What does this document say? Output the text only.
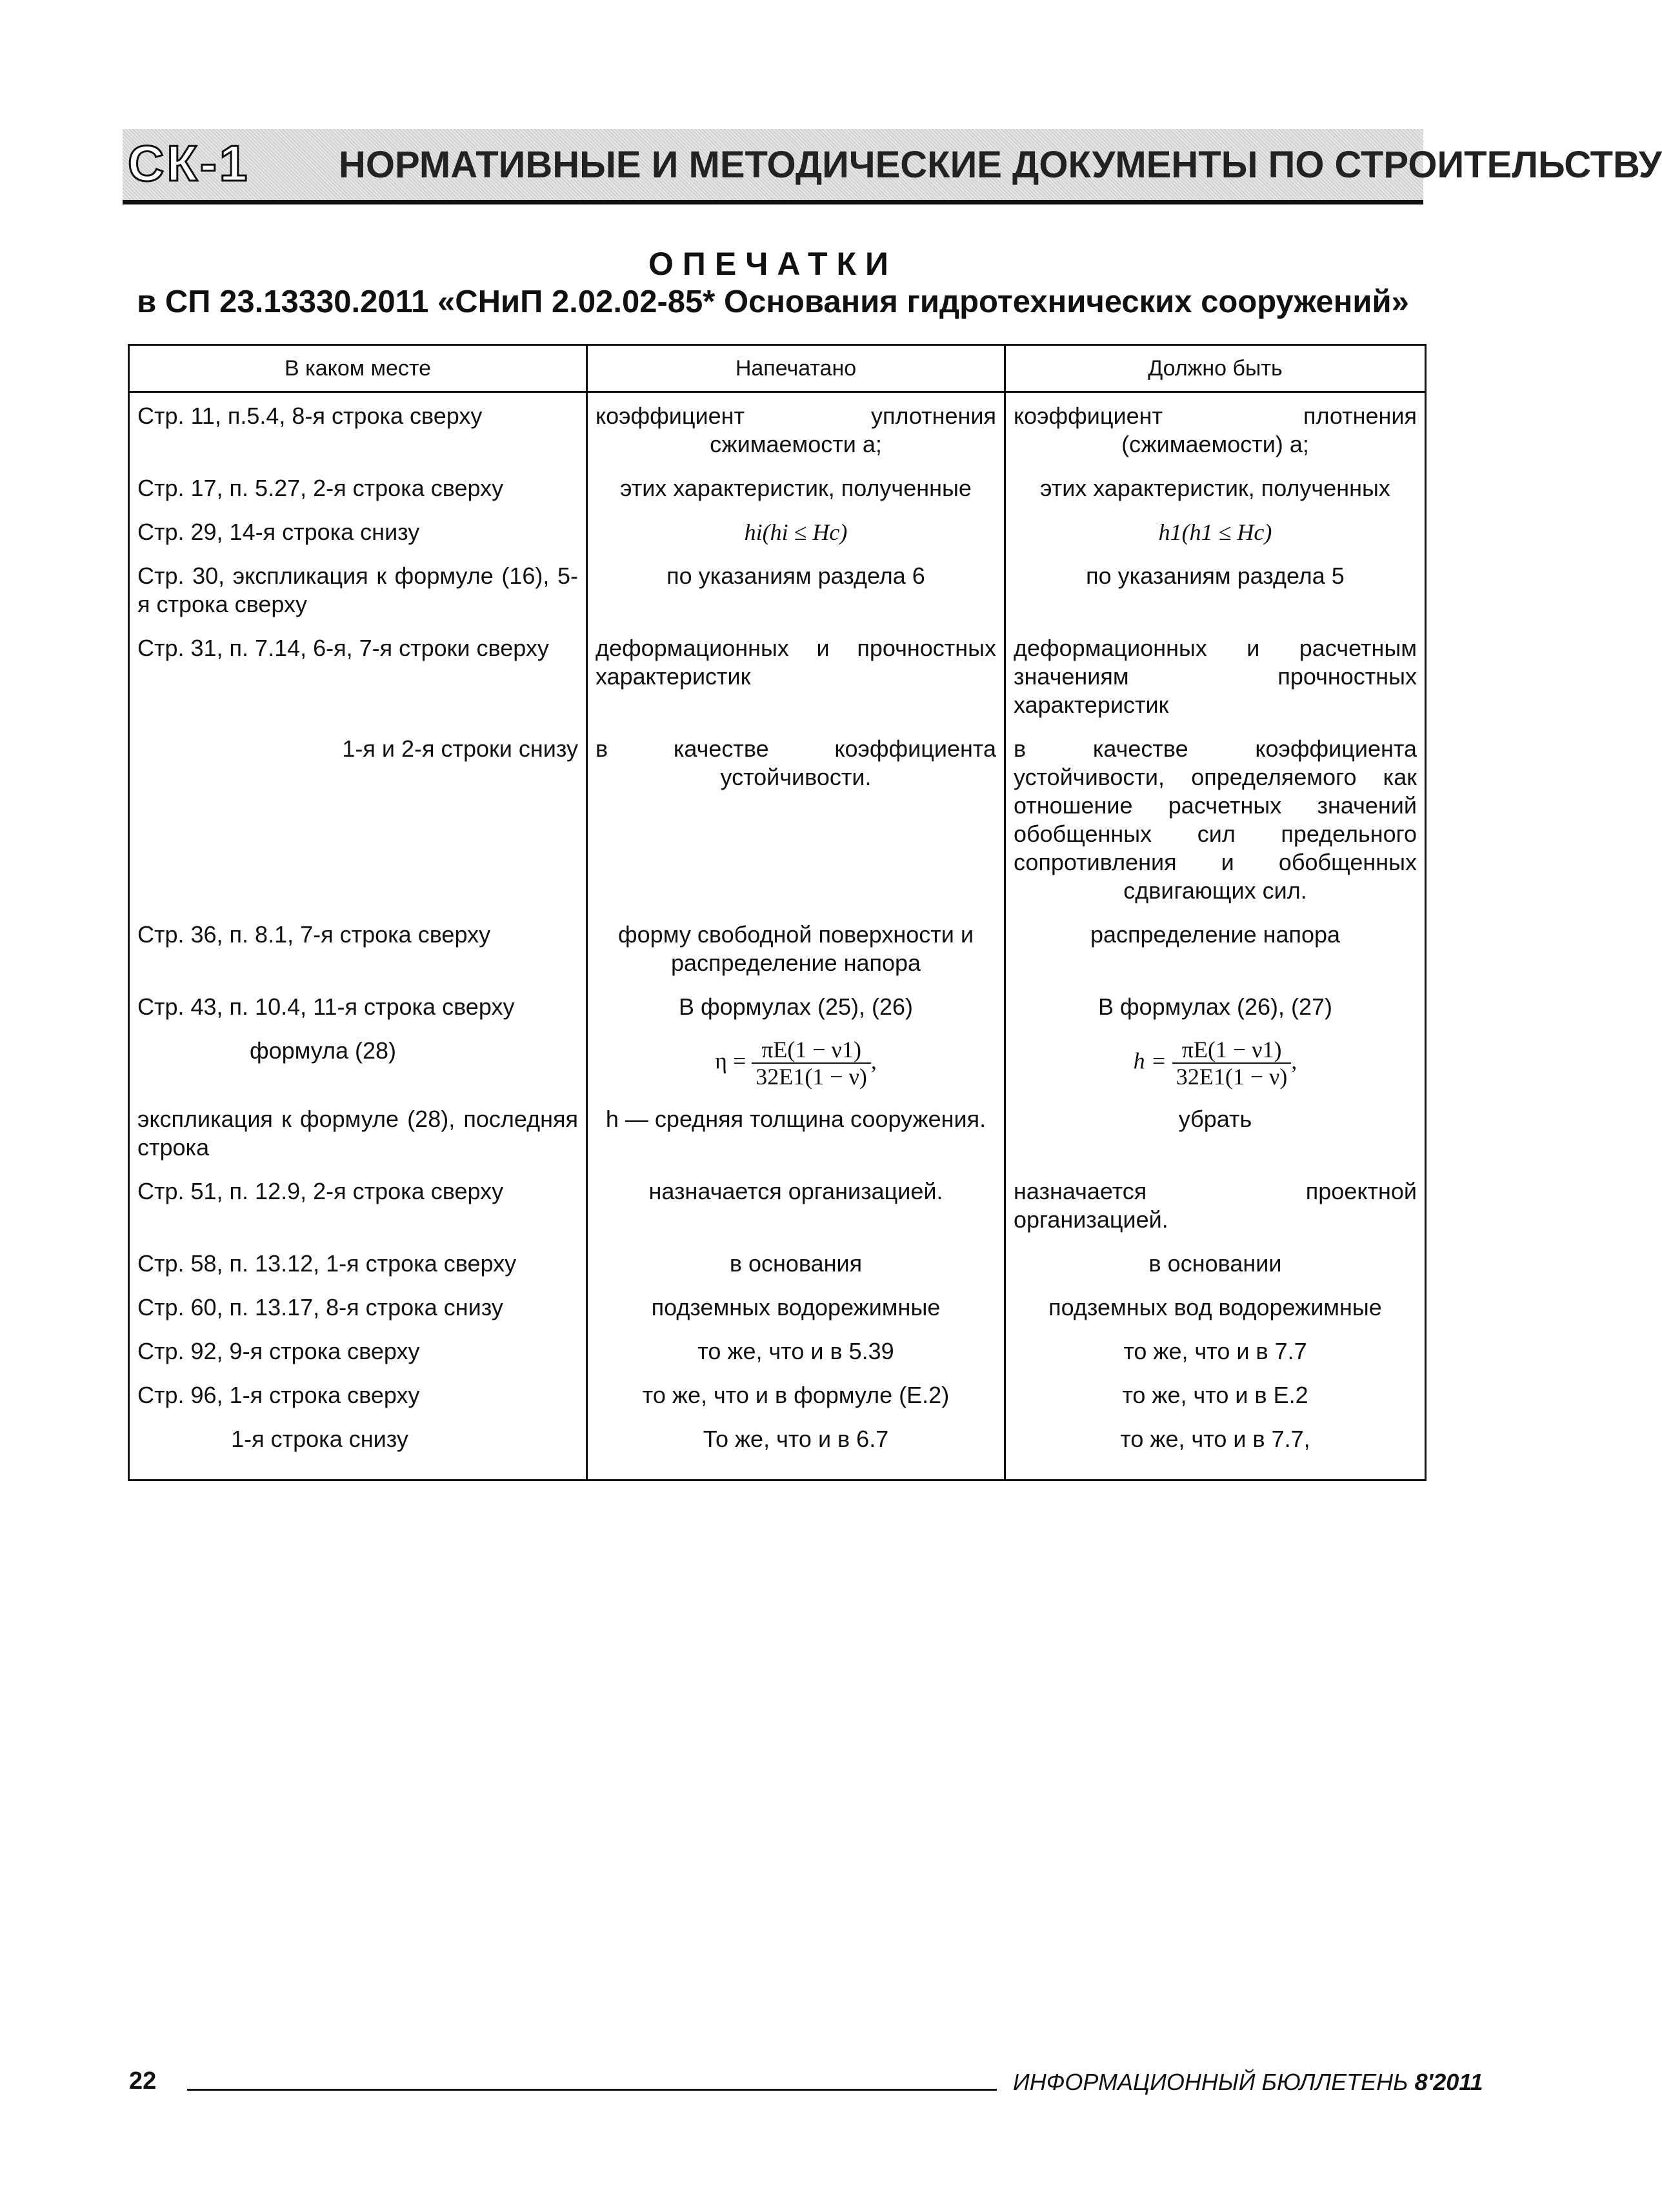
СК-1	НОРМАТИВНЫЕ И МЕТОДИЧЕСКИЕ ДОКУМЕНТЫ ПО СТРОИТЕЛЬСТВУ
ОПЕЧАТКИ
в СП 23.13330.2011 «СНиП 2.02.02-85* Основания гидротехнических сооружений»
В каком месте	Напечатано	Должно быть
Стр. 11, п.5.4, 8-я строка сверху	коэффициент уплотнения сжимаемости a;	коэффициент плотнения (сжимаемости) a;
Стр. 17, п. 5.27, 2-я строка сверху	этих характеристик, полученные	этих характеристик, полученных
Стр. 29, 14-я строка снизу	hi(hi ≤ Hc)	h1(h1 ≤ Hc)
Стр. 30, экспликация к формуле (16), 5-я строка сверху	по указаниям раздела 6	по указаниям раздела 5
Стр. 31, п. 7.14, 6-я, 7-я строки сверху	деформационных и прочностных характеристик	деформационных и расчетным значениям прочностных характеристик
1-я и 2-я строки снизу	в качестве коэффициента устойчивости.	в качестве коэффициента устойчивости, определяемого как отношение расчетных значений обобщенных сил предельного сопротивления и обобщенных сдвигающих сил.
Стр. 36, п. 8.1, 7-я строка сверху	форму свободной поверхности и распределение напора	распределение напора
Стр. 43, п. 10.4, 11-я строка сверху	В формулах (25), (26)	В формулах (26), (27)
формула (28)	$\eta = \frac{\pi E(1 - \nu 1)}{32E1(1 - \nu)}$ ,	$h = \frac{\pi E(1 - \nu 1)}{32E1(1 - \nu)}$ ,
экспликация к формуле (28), последняя строка	h — средняя толщина сооружения.	убрать
Стр. 51, п. 12.9, 2-я строка сверху	назначается организацией.	назначается проектной организацией.
Стр. 58, п. 13.12, 1-я строка сверху	в основания	в основании
Стр. 60, п. 13.17, 8-я строка снизу	подземных водорежимные	подземных вод водорежимные
Стр. 92, 9-я строка сверху	то же, что и в 5.39	то же, что и в 7.7
Стр. 96, 1-я строка сверху	то же, что и в формуле (Е.2)	то же, что и в Е.2
1-я строка снизу	То же, что и в 6.7	то же, что и в 7.7,
22	ИНФОРМАЦИОННЫЙ БЮЛЛЕТЕНЬ 8'2011
